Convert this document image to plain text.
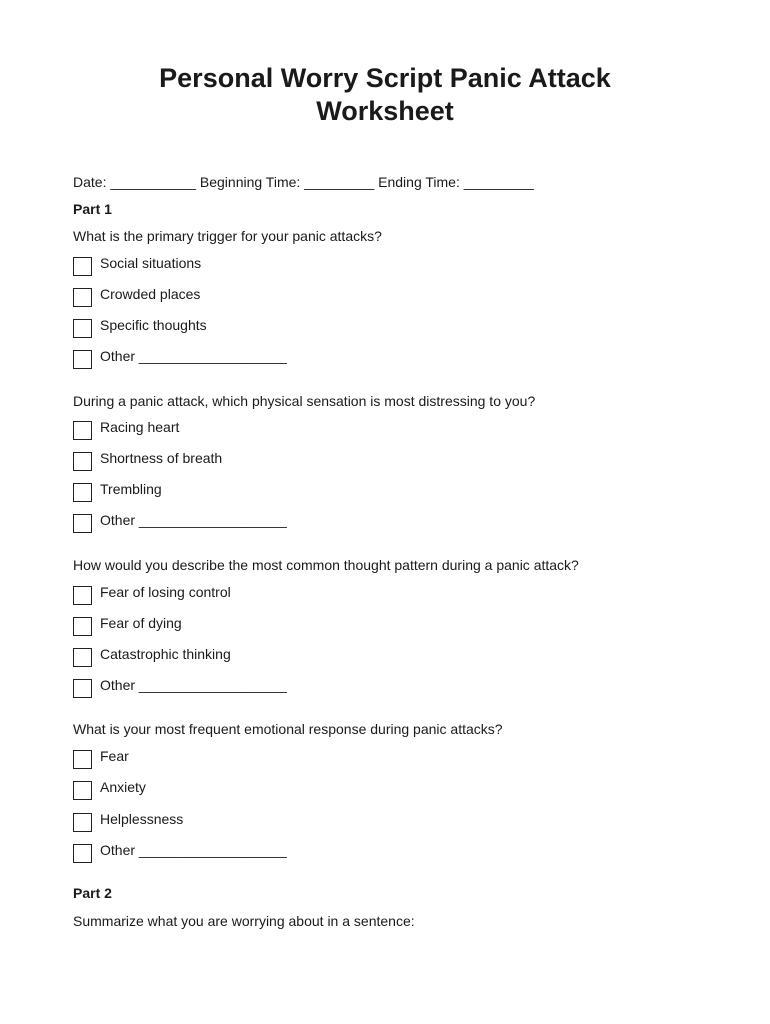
Personal Worry Script Panic Attack
Worksheet
Date: ___________ Beginning Time: _________ Ending Time: _________
Part 1
What is the primary trigger for your panic attacks?
Social situations
Crowded places
Specific thoughts
Other ___________________
During a panic attack, which physical sensation is most distressing to you?
Racing heart
Shortness of breath
Trembling
Other ___________________
How would you describe the most common thought pattern during a panic attack?
Fear of losing control
Fear of dying
Catastrophic thinking
Other ___________________
What is your most frequent emotional response during panic attacks?
Fear
Anxiety
Helplessness
Other ___________________
Part 2
Summarize what you are worrying about in a sentence:
